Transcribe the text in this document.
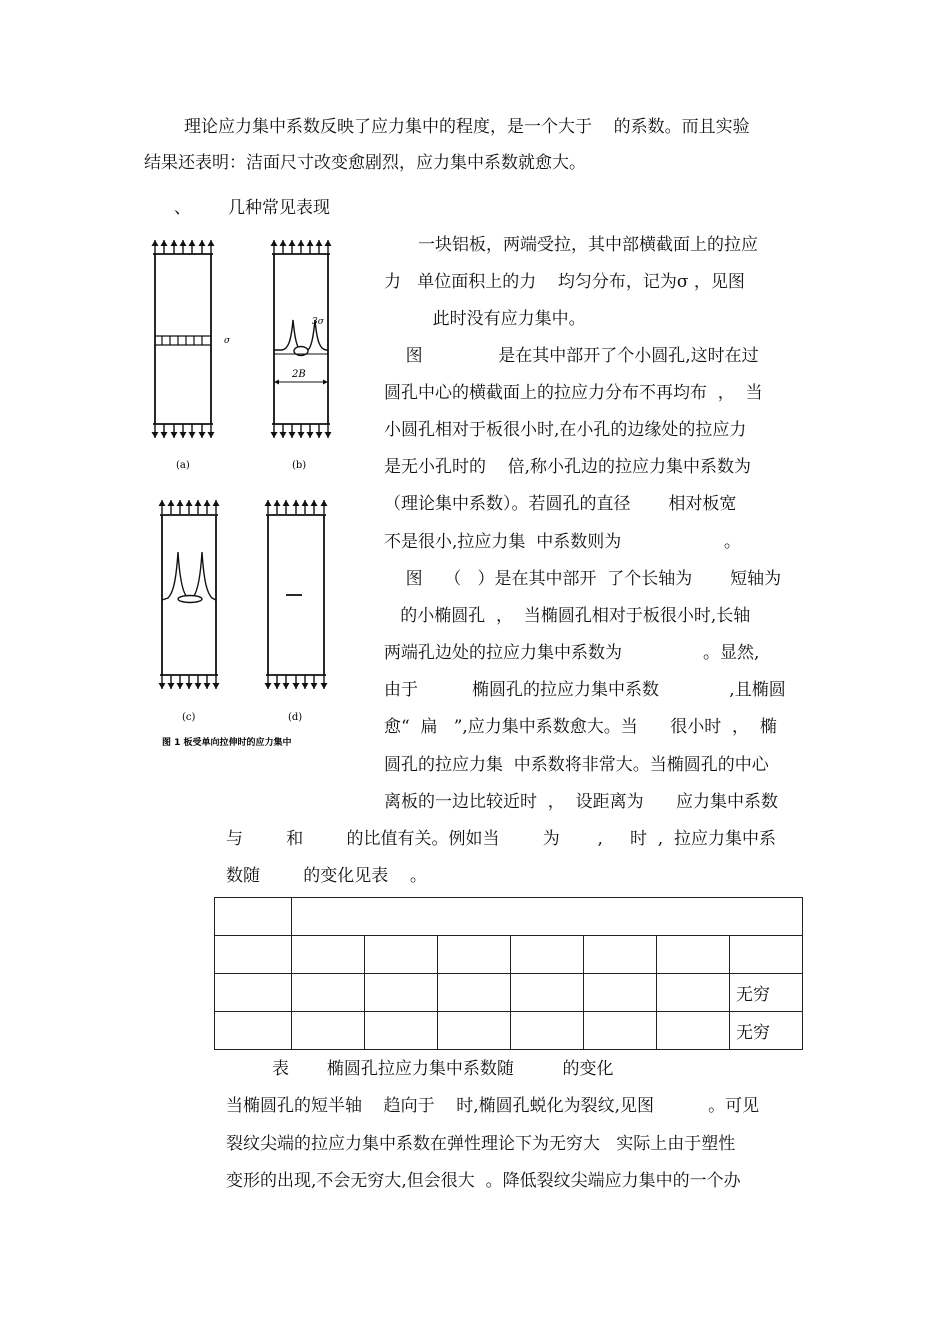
理论应力集中系数反映了应力集中的程度，是一个大于    的系数。而且实验
结果还表明：洁面尺寸改变愈剧烈，应力集中系数就愈大。
、 几种常见表现
一块铝板，两端受拉，其中部横截面上的拉应
力   单位面积上的力    均匀分布，记为σ ，见图
此时没有应力集中。
图              是在其中部开了个小圆孔,这时在过
圆孔中心的横截面上的拉应力分布不再均布  ，  当
小圆孔相对于板很小时,在小孔的边缘处的拉应力
是无小孔时的    倍,称小孔边的拉应力集中系数为
（理论集中系数）。若圆孔的直径       相对板宽
不是很小,拉应力集  中系数则为                   。
图    （   ）是在其中部开  了个长轴为       短轴为
的小椭圆孔  ，  当椭圆孔相对于板很小时,长轴
两端孔边处的拉应力集中系数为               。显然,
由于          椭圆孔的拉应力集中系数             ,且椭圆
愈“  扁   ”,应力集中系数愈大。当      很小时  ，  椭
圆孔的拉应力集  中系数将非常大。当椭圆孔的中心
离板的一边比较近时  ，  设距离为      应力集中系数
与        和        的比值有关。例如当        为       ,     时  ,  拉应力集中系
数随        的变化见表    。
σ
(a)
2B
3σ
(b)
(c)	(d)
图 1 板受单向拉伸时的应力集中

							无穷
							无穷
表       椭圆孔拉应力集中系数随         的变化
当椭圆孔的短半轴    趋向于    时,椭圆孔蜕化为裂纹,见图          。可见
裂纹尖端的拉应力集中系数在弹性理论下为无穷大   实际上由于塑性
变形的出现,不会无穷大,但会很大  。降低裂纹尖端应力集中的一个办
